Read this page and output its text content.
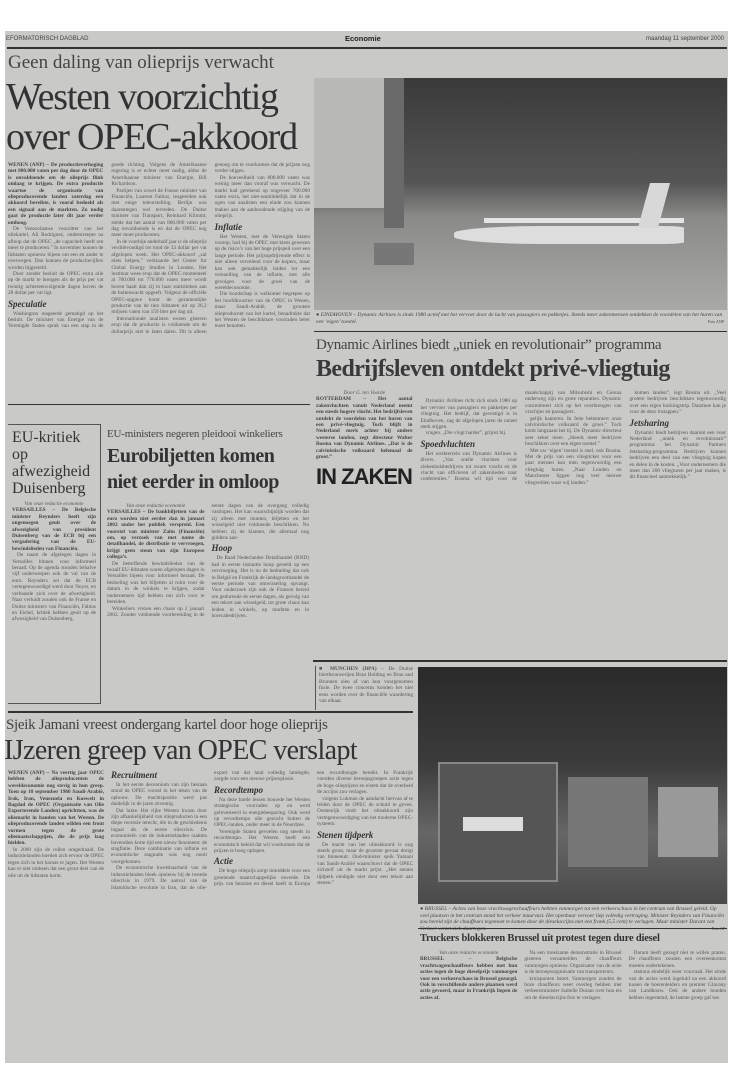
EFORMATORISCH DAGBLAD	Economie	maandag 11 september 2000
Geen daling van olieprijs verwacht
Westen voorzichtig
over OPEC-akkoord

WENEN (ANP) – De productieverhoging met 800.000 vaten per dag door de OPEC is onvoldoende om de olieprijs flink omlaag te krijgen. De extra productie waartoe de organisatie van olieproducerende landen zaterdag een akkoord bereikte, is vooral bedoeld als een signaal aan de markten. Zo nodig gaat de productie later dit jaar verder omhoog.

De Venezolaanse voorzitter van het oliekartel, Ali Rodriguez, onderstreepte na afloop dat de OPEC „de capaciteit heeft om meer te produceren.” In november komen de lidstaten opnieuw bijeen om een en ander te overwegen. Dan kunnen de productiecijfers worden bijgesteld.

Door zonder besluit de OPEC extra olie op de markt te brengen als de prijs per vat twintig achtereenvolgende dagen boven de 28 dollar per vat ligt.

Speculatie

Washington reageerde gematigd op het besluit. De minister van Energie van de Verenigde Staten sprak van een stap in de goede richting. Volgens de Amerikaanse regering is er echter meer nodig, aldus de Amerikaanse minister van Energie, Bill Richardson.

Partijen van zowel de Franse minister van Financiën, Laurent Fabius, reageerden ook met enige teleurstelling. Berlijn was daarentegen wel tevreden. De Duitse minister van Transport, Reinhard Klimmt, stelde dat het aantal van 800.000 vaten per dag onvoldoende is en dat de OPEC nog meer moet produceren.

In de voorbije anderhalf jaar is de olieprijs verdrievoudigd tot rond de 33 dollar per vat afgelopen week. Het OPEC-akkoord „zal niets helpen,” verklaarde het Center for Global Energy Studies in Londen. Het instituut wees erop dat de OPEC momenteel al 700.000 tot 770.000 vaten meer wordt boven haalt dan zij in haar statistieken aan de buitenwacht opgeeft. Volgens de officiële OPEC-opgave komt de gezamenlijke productie van de tien lidstaten uit op 26,2 miljoen vaten van 159 liter per dag uit.

Internationale analisten wezen gisteren erop dat de productie is voldoende om de dollarprijs niet te laten dalen. Dit is alleen genoeg om te voorkomen dat de prijzen nog verder stijgen.

De hoeveelheid van 800.000 vaten was weinig meer dan vooraf was verwacht. De markt had gerekend op ongeveer 700.000 vaten extra, het niet-onmiddellijk dat in de ogen van analisten een einde zou kunnen maken aan de aanhoudende stijging van de olieprijs.

Inflatie

Het Westen, met de Verenigde Staten voorop, had bij de OPEC met klem gewezen op de risico’s van het hoge prijspeil over een lange periode. Het prijsopdrijvende effect is niet alleen vervelend voor de kopers, maar kan ook gemakkelijk leiden tot een versnelling van de inflatie, met alle gevolgen voor de groei van de wereldeconomie.

Die boodschap is welkomer begrepen op het hoofdkwartier van de OPEC in Wenen, maar Saudi-Arabië, de grootste olieproducent van het kartel, benadrukte dat het Westen de beschikbare voorraden beter moet benutten.

● EINDHOVEN – Dynamic Airlines is sinds 1980 actief met het vervoer door de lucht van passagiers en pakketjes. Steeds meer zakenmensen ontdekken de voordelen van het huren van een ‘eigen’ toestel.	Foto ANP
Dynamic Airlines biedt „uniek en revolutionair” programma
Bedrijfsleven ontdekt privé-vliegtuig

Door G. ten Voorde

ROTTERDAM – Het aantal zakenvluchten vanuit Nederland neemt een steeds hogere vlucht. Het bedrijfsleven ontdekt de voordelen van het huren van een privé-vliegtuig. Toch blijft in Nederland merk achter bij andere westerse landen, zegt directeur Walter Bosma van Dynamic Airlines. „Dat is de calvinistische volksaard helemaal de groot.”

IN ZAKEN

Dynamic Airlines richt zich sinds 1980 op het vervoer van passagiers en pakketjes per vliegtuig. Het bedrijf, dat gevestigd is in Eindhoven, zag de afgelopen jaren de omzet sterk stijgen.

vragen. „Die vlogt harder”, grijnst hij.

Spoedvluchten

Het werkterrein van Dynamic Airlines is divers. „Van snelle vluchten voor ziekenhuisbedrijven tot zware vracht en de vlucht van officieren of zakenlieden naar conferenties.” Bosma wil tijd voor de maatschappij van Mitsubishi en Cessna onderweg zijn en grote reparaties. Dynamic concentreert zich op het overbrengen van vrachtjes en passagiers.

gelijk hanteren. In feite belemmert onze calvinistische volksaard de groei.” Toch komt langzaam het tij. De Dynamic-directeur zeer zeker meer. „Steeds meer bedrijven beschikken over een eigen toestel.”

Met uw ‘eigen’ toestel is snel, ook Bosma. Met de prijs van een vliegticket voor een paar mensen kan men tegenwoordig een vliegtuig huren. „Naar Londen en Manchester liggen nog veel nieuwe vliegvelden waar wij landen.”

komen landen”, legt Bosma uit. „Veel grotere bedrijven beschikken tegenwoordig over een eigen backingstrip. Daarmee kan je voor de deur instappen.”

Jetsharing

Dynamic biedt bedrijven daarom een voor Nederland „uniek en revolutionair” programma: het Dynamic Partners Jetsharing-programma. Bedrijven kunnen bedrijven een deel van een vliegtuig kopen en delen in de kosten. „Voor ondernemers die meer dan 200 vliegturen per jaar maken, is dit financieel aantrekkelijk.”

EU-kritiek op afwezigheid Duisenberg

Van onze redactie economie

VERSAILLES – De Belgische minister Reynders heeft zijn ongenoegen geuit over de afwezigheid van president Duisenberg van de ECB bij een vergadering van de EU-bewindslieden van Financiën.

De naam de afgelegen dagen in Versailles binnen voor informeel beraad. Op de agenda stonden behalve vijf onderwerpen ook de val van de euro. Reynders zei dat de ECB vertegenwoordigd werd door Noyer, en verbaasde zich over de afwezigheid. Naar verluidt zouden ook de Franse en Duitse ministers van Financiën, Fabius en Eichel, kritiek hebben geuit op de afwezigheid van Duisenberg.

EU-ministers negeren pleidooi winkeliers
Eurobiljetten komen
niet eerder in omloop

Van onze redactie economie

VERSAILLES – De bankbiljetten van de euro worden niet eerder dan in januari 2002 onder het publiek verspreid. Een voorstel van minister Zalm (Financiën) om, op verzoek van met name de detailhandel, de distributie te vervroegen, krijgt geen steun van zijn Europese collega’s.

De betreffende bewindslieden van de twaalf EU-lidstaten waren afgelopen dagen in Versailles bijeen voor informeel beraad. De bedoeling was het biljetten al ruim voor de datum in de winkels te krijgen, zodat ondernemers tijd hebben om zich voor te bereiden.

Winkeliers vrezen een chaos op 2 januari 2002. Zonder voldoende voorbereiding in de eerste dagen van de overgang volledig vastlopen. Het kan waarschijnlijk worden dat zij alleen met munten, biljetten en het wisselgeld niet voldoende beschikken. Nu hebben zij de klanten, die allemaal nog guldens aan-

Hoop

De Raad Nederlandse Detailhandel (RND) had in eerste instantie hoop gesteld op een vervroeging. Het is nu de bedoeling dat ook in België en Frankrijk de landsgroothandel de eerste periode van omwisseling opvangt. Voor onderzoek zijn ook de Fransen bereid om gedurende de eerste dagen, als gevolg van een tekort aan wisselgeld, tot grote chaos kan leiden in winkels, op markten en in horecabedrijven.

■ MÜNCHEN (DPA) – De Duitse biertbrouwerijen Brau Holding en Brau und Brunnen zien af van hun voorgenomen fusie. De twee concerns konden het niet eens worden over de financiële waardering van elkaar.
Sjeik Jamani vreest ondergang kartel door hoge olieprijs
IJzeren greep van OPEC verslapt

WENEN (ANP) – Na veertig jaar OPEC hebben de olieproducenten de wereldeconomie nog stevig in hun greep. Toen op 10 september 1960 Saudi-Arabië, Irak, Iran, Venezuela en Koeweit in Bagdad de OPEC (Organisatie van Olie Exporterende Landen) oprichtten, was de oliemarkt in handen van het Westen. De olieproducerende landen wilden een front vormen tegen de grote oliemaatschappijen, die de prijs laag hielden.

In 2000 zijn de rollen omgedraaid. De industrielanden hoeden zich ervoor de OPEC tegen zich in het harnas te jagen. Het Westen kan er niet omheen dat een groot deel van de olie uit de lidstaten komt.

Recruitment

In het eerste decennium van zijn bestaan stond de OPEC vooral in het teken van de opbouw. De machtspositie werd pas duidelijk in de jaren zeventig.

Dat lukte. Het rijke Westen kwam door zijn afhankelijkheid van olieproducten in een diepe recessie terecht, die in de geschiedenis ingaat als de eerste oliecrisis. De economieën van de industrielanden raakten bovendien korte tijd een nieuw fenomeen: de stagflatie. Deze combinatie van inflatie en economische stagnatie was nog nooit voorgekomen.

De economische kwetsbaarheid van de industrielanden bleek opnieuw bij de tweede oliecrisis in 1979. De aanval van de Islamitische revolutie in Iran, dat de olie-export van dat land volledig lamlegde, zorgde voor een nieuwe prijsexplosie.

Recordtempo

Na deze harde lessen bouwde het Westen strategische voorraden op en werd geïnvesteerd in energiebesparing. Ook werd op recordtempo olie gezocht buiten de OPEC-landen, onder meer in de Noordzee.

Verenigde Staten gevoelen nog steeds in recordtempo. Het Westen heeft een economisch beleid dat wil voorkomen dat de prijzen te hoog oplopen.

Actie

De hoge olieprijs zorgt inmiddels voor een groeiende maatschappelijke onvrede. De prijs van benzine en diesel heeft in Europa een recordhoogte bereikt. In Frankrijk voerden diverse beroepsgroepen actie tegen de hoge olieprijzen en eisten dat de overheid de accijns zou verlagen.

volgens Lukman de aandacht hiervan af te leiden door de OPEC de schuld te geven. Oostenrijk vindt het olieakkoord zijn vertegenwoordiging van het moderne OPEC-systeem.

Stenen tijdperk

De macht van het olieakkoord is nog steeds groot, maar de grootste gevaar dreigt van binnenuit. Oud-minister sjeik Yamani van Saudi-Arabië waarschuwt dat de OPEC zichzelf uit de markt prijst. „Het stenen tijdperk eindigde niet door een tekort aan stenen.”

● BRUSSEL – Acties van boze vrachtwagenchauffeurs hebben vanmorgen tot een verkeerschaos in het centrum van Brussel geleid. Op veel plaatsen in het centrum stond het verkeer muurvast. Het openbaar vervoer liep volledig vertraging. Minister Reynders van Financiën zou bereid zijn de chauffeurs tegemoet te komen door de dieselaccijns met een frank (5,5 cent) te verlagen. Maar minister Durant van
Truckers blokkeren Brussel uit protest tegen dure diesel

Van onze redactie economie

BRUSSEL – Belgische vrachtwagenchauffeurs hebben met hun acties tegen de hoge dieselprijs vanmorgen voor een verkeerschaos in Brussel gezorgd. Ook in verschillende andere plaatsen werd actie gevoerd, maar in Frankrijk liepen de acties af.

Na een moeizame demonstratie in Brussel gisteren verzamelden de chauffeurs vanmorgen opnieuw. Organisator van de actie is de beroepsorganisatie van transporteurs.

kruispunten bezet. Vanmorgen zonden de boze chauffeurs weer overleg hebben met verkeersminister Isabelle Durant over hun eis om de dieselaccijns fors te verlagen.

Durant heeft gezegd niet te willen praten. De chauffeurs zouden een overeenkomst moeten ondertekenen.

stations eindelijk weer voorraad. Het einde van de acties werd ingeluid na een akkoord tussen de boerenleiders en premier Glavany van Landbouw. Ook de andere bonden hebben ingestemd, de laatste groep gaf toe.
